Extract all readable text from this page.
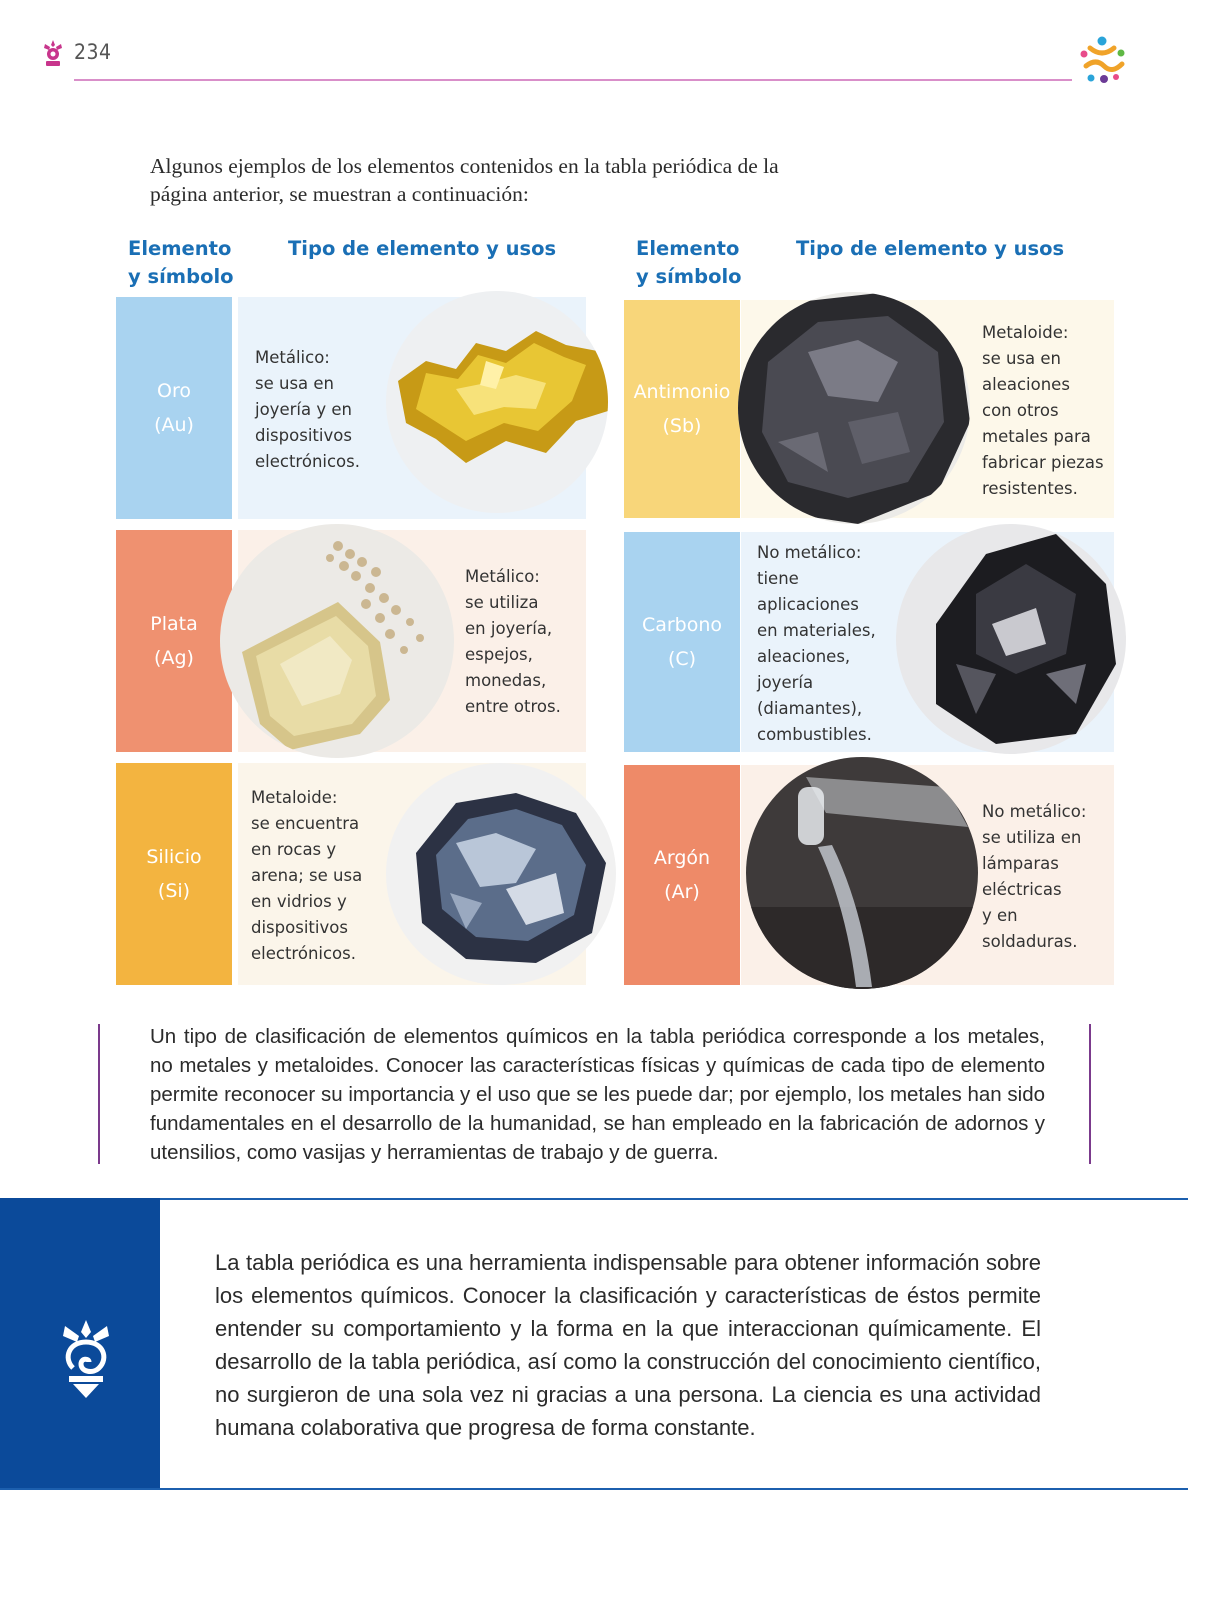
234
Algunos ejemplos de los elementos contenidos en la tabla periódica de la página anterior, se muestran a continuación:
Elemento
y símbolo
Tipo de elemento y usos	Elemento
y símbolo
Tipo de elemento y usos
Oro
(Au)
Metálico:
se usa en
joyería y en
dispositivos
electrónicos.
Plata
(Ag)
Metálico:
se utiliza
en joyería,
espejos,
monedas,
entre otros.
Silicio
(Si)
Metaloide:
se encuentra
en rocas y
arena; se usa
en vidrios y
dispositivos
electrónicos.
Antimonio
(Sb)
Metaloide:
se usa en
aleaciones
con otros
metales para
fabricar piezas
resistentes.
Carbono
(C)
No metálico:
tiene
aplicaciones
en materiales,
aleaciones,
joyería
(diamantes),
combustibles.
Argón
(Ar)
No metálico:
se utiliza en
lámparas
eléctricas
y en
soldaduras.
Un tipo de clasificación de elementos químicos en la tabla periódica corresponde a los metales, no metales y metaloides. Conocer las características físicas y químicas de cada tipo de elemento permite reconocer su importancia y el uso que se les puede dar; por ejemplo, los metales han sido fundamentales en el desarrollo de la humanidad, se han empleado en la fabricación de adornos y utensilios, como vasijas y herramientas de trabajo y de guerra.
La tabla periódica es una herramienta indispensable para obtener información sobre los elementos químicos. Conocer la clasificación y características de éstos permite entender su comportamiento y la forma en la que interaccionan químicamente. El desarrollo de la tabla periódica, así como la construcción del conocimiento científico, no surgieron de una sola vez ni gracias a una persona. La ciencia es una actividad humana colaborativa que progresa de forma constante.
